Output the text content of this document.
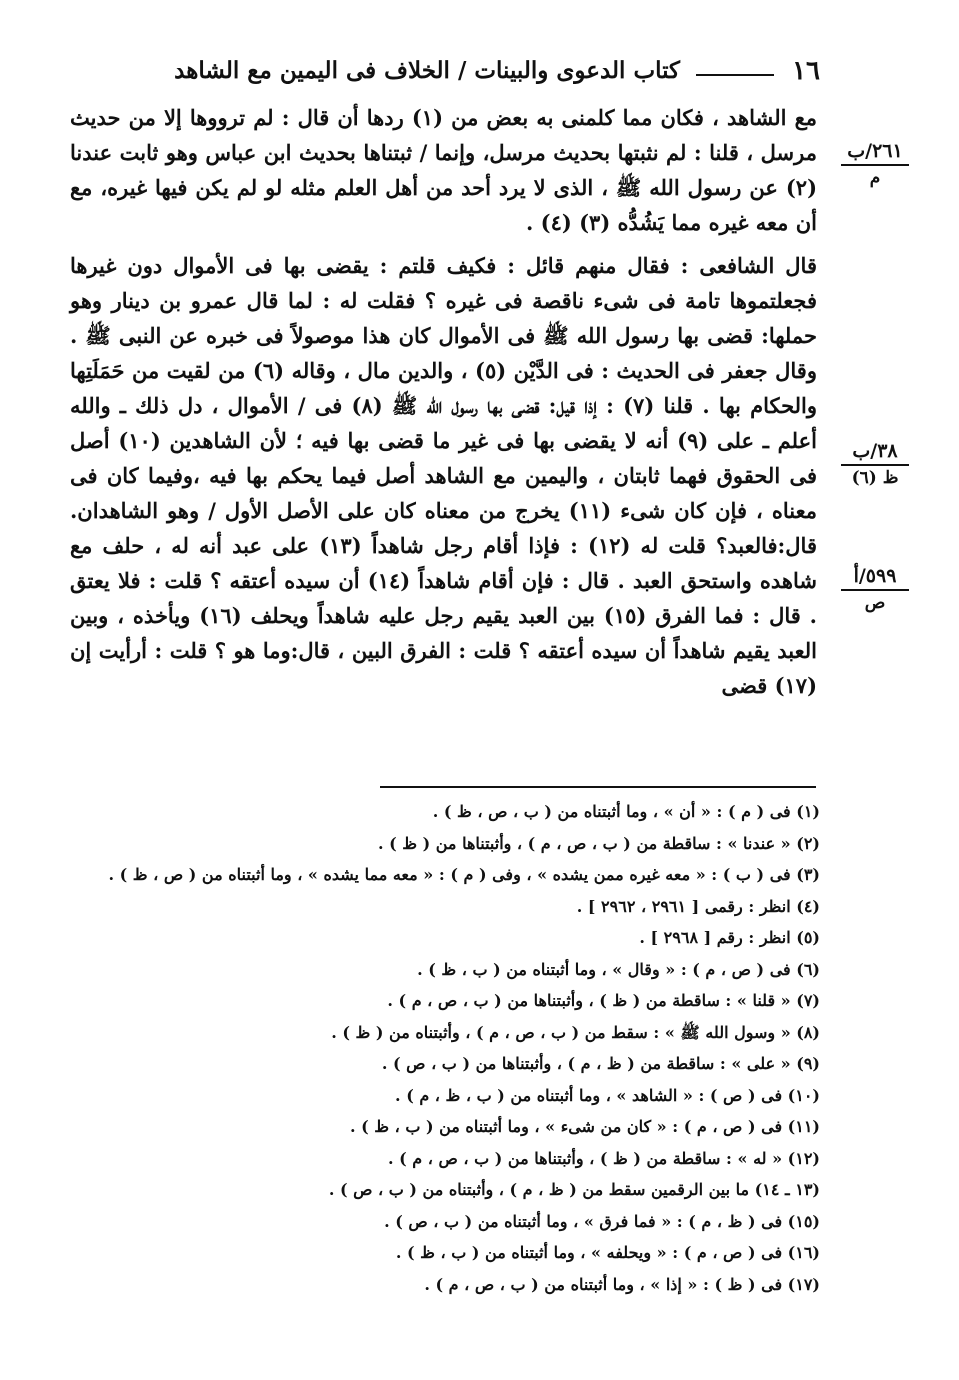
١٦
كتاب الدعوى والبينات / الخلاف فى اليمين مع الشاهد
٢٦١/ب
م
٣٨/ب
ظ (٦)
٥٩٩/أ
ص

مع الشاهد ، فكان مما كلمنى به بعض من (١) ردها أن قال : لم ترووها إلا من حديث مرسل ، قلنا : لم نثبتها بحديث مرسل، وإنما / ثبتناها بحديث ابن عباس وهو ثابت عندنا (٢) عن رسول الله ﷺ ، الذى لا يرد أحد من أهل العلم مثله لو لم يكن فيها غيره، مع أن معه غيره مما يَشُدُّه (٣) (٤) .

قال الشافعى : فقال منهم قائل : فكيف قلتم : يقضى بها فى الأموال دون غيرها فجعلتموها تامة فى شىء ناقصة فى غيره ؟ فقلت له : لما قال عمرو بن دينار وهو حملها: قضى بها رسول الله ﷺ فى الأموال كان هذا موصولاً فى خبره عن النبى ﷺ . وقال جعفر فى الحديث : فى الدَّيْن (٥) ، والدين مال ، وقاله (٦) من لقيت من حَمَلَتِها والحكام بها . قلنا (٧) : إذا قيل: قضى بها رسول الله ﷺ (٨) فى / الأموال ، دل ذلك ـ والله أعلم ـ على (٩) أنه لا يقضى بها فى غير ما قضى بها فيه ؛ لأن الشاهدين (١٠) أصل فى الحقوق فهما ثابتان ، واليمين مع الشاهد أصل فيما يحكم بها فيه ،وفيما كان فى معناه ، فإن كان شىء (١١) يخرج من معناه كان على الأصل الأول / وهو الشاهدان. قال:فالعبد؟ قلت له (١٢) : فإذا أقام رجل شاهداً (١٣) على عبد أنه له ، حلف مع شاهده واستحق العبد . قال : فإن أقام شاهداً (١٤) أن سيده أعتقه ؟ قلت : فلا يعتق . قال : فما الفرق (١٥) بين العبد يقيم رجل عليه شاهداً ويحلف (١٦) ويأخذه ، وبين العبد يقيم شاهداً أن سيده أعتقه ؟ قلت : الفرق البين ، قال:وما هو ؟ قلت : أرأيت إن (١٧) قضى

(١) فى ( م ) : « أن » ، وما أثبتناه من ( ب ، ص ، ظ ) .

(٢) « عندنا » : ساقطة من ( ب ، ص ، م ) ، وأثبتناها من ( ظ ) .

(٣) فى ( ب ) : « معه غيره ممن يشده » ، وفى ( م ) : « معه مما يشده » ، وما أثبتناه من ( ص ، ظ ) .

(٤) انظر : رقمى [ ٢٩٦١ ، ٢٩٦٢ ] .

(٥) انظر : رقم [ ٢٩٦٨ ] .

(٦) فى ( ص ، م ) : « وقال » ، وما أثبتناه من ( ب ، ظ ) .

(٧) « قلنا » : ساقطة من ( ظ ) ، وأثبتناها من ( ب ، ص ، م ) .

(٨) « وسول الله ﷺ » : سقط من ( ب ، ص ، م ) ، وأثبتناه من ( ظ ) .

(٩) « على » : ساقطة من ( ظ ، م ) ، وأثبتناها من ( ب ، ص ) .

(١٠) فى ( ص ) : « الشاهد » ، وما أثبتناه من ( ب ، ظ ، م ) .

(١١) فى ( ص ، م ) : « كان من شىء » ، وما أثبتناه من ( ب ، ظ ) .

(١٢) « له » : ساقطة من ( ظ ) ، وأثبتناها من ( ب ، ص ، م ) .

(١٣ ـ ١٤) ما بين الرقمين سقط من ( ظ ، م ) ، وأثبتناه من ( ب ، ص ) .

(١٥) فى ( ظ ، م ) : « فما فرق » ، وما أثبتناه من ( ب ، ص ) .

(١٦) فى ( ص ، م ) : « ويحلفه » ، وما أثبتناه من ( ب ، ظ ) .

(١٧) فى ( ظ ) : « إذا » ، وما أثبتناه من ( ب ، ص ، م ) .
